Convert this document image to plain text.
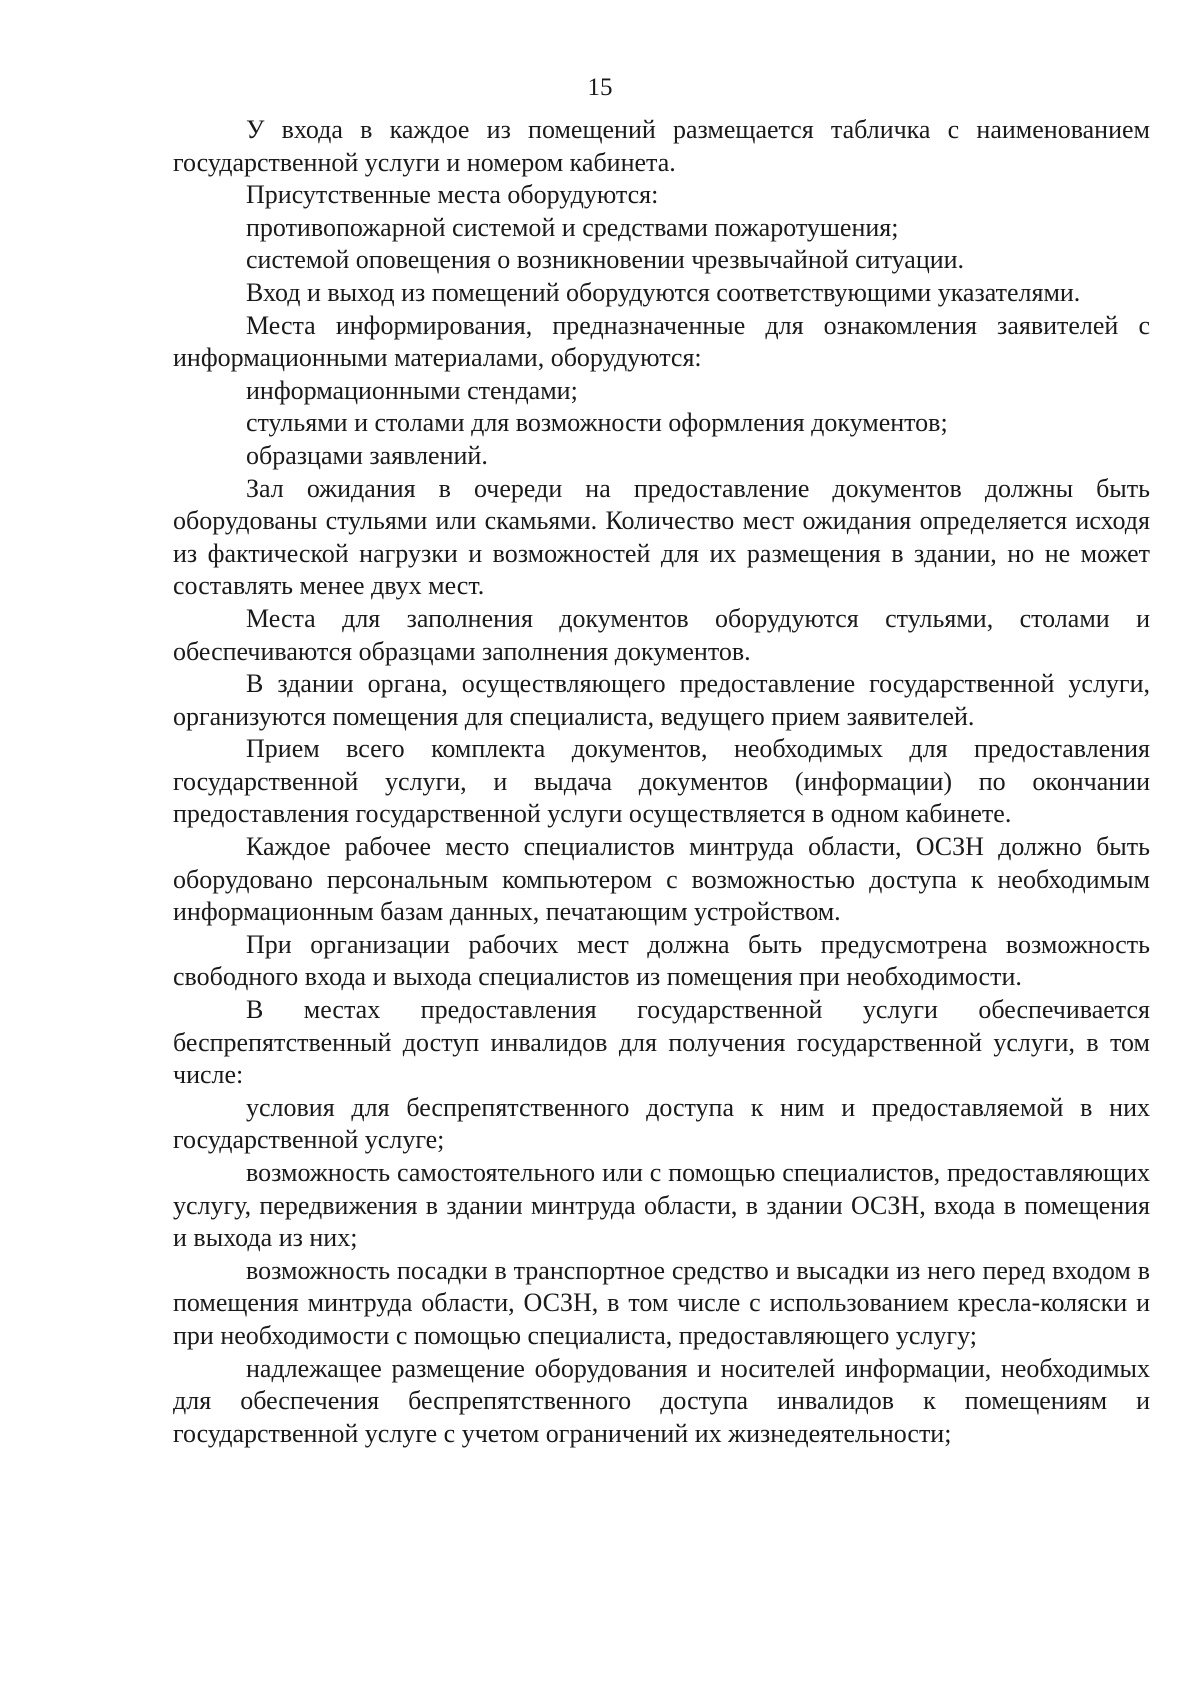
15

У входа в каждое из помещений размещается табличка с наименованием государственной услуги и номером кабинета.

Присутственные места оборудуются:

противопожарной системой и средствами пожаротушения;

системой оповещения о возникновении чрезвычайной ситуации.

Вход и выход из помещений оборудуются соответствующими указателями.

Места информирования, предназначенные для ознакомления заявителей с информационными материалами, оборудуются:

информационными стендами;

стульями и столами для возможности оформления документов;

образцами заявлений.

Зал ожидания в очереди на предоставление документов должны быть оборудованы стульями или скамьями. Количество мест ожидания определяется исходя из фактической нагрузки и возможностей для их размещения в здании, но не может составлять менее двух мест.

Места для заполнения документов оборудуются стульями, столами и обеспечиваются образцами заполнения документов.

В здании органа, осуществляющего предоставление государственной услуги, организуются помещения для специалиста, ведущего прием заявителей.

Прием всего комплекта документов, необходимых для предоставления государственной услуги, и выдача документов (информации) по окончании предоставления государственной услуги осуществляется в одном кабинете.

Каждое рабочее место специалистов минтруда области, ОСЗН должно быть оборудовано персональным компьютером с возможностью доступа к необходимым информационным базам данных, печатающим устройством.

При организации рабочих мест должна быть предусмотрена возможность свободного входа и выхода специалистов из помещения при необходимости.

В местах предоставления государственной услуги обеспечивается беспрепятственный доступ инвалидов для получения государственной услуги, в том числе:

условия для беспрепятственного доступа к ним и предоставляемой в них государственной услуге;

возможность самостоятельного или с помощью специалистов, предоставляющих услугу, передвижения в здании минтруда области, в здании ОСЗН, входа в помещения и выхода из них;

возможность посадки в транспортное средство и высадки из него перед входом в помещения минтруда области, ОСЗН, в том числе с использованием кресла-коляски и при необходимости с помощью специалиста, предоставляющего услугу;

надлежащее размещение оборудования и носителей информации, необходимых для обеспечения беспрепятственного доступа инвалидов к помещениям и государственной услуге с учетом ограничений их жизнедеятельности;
